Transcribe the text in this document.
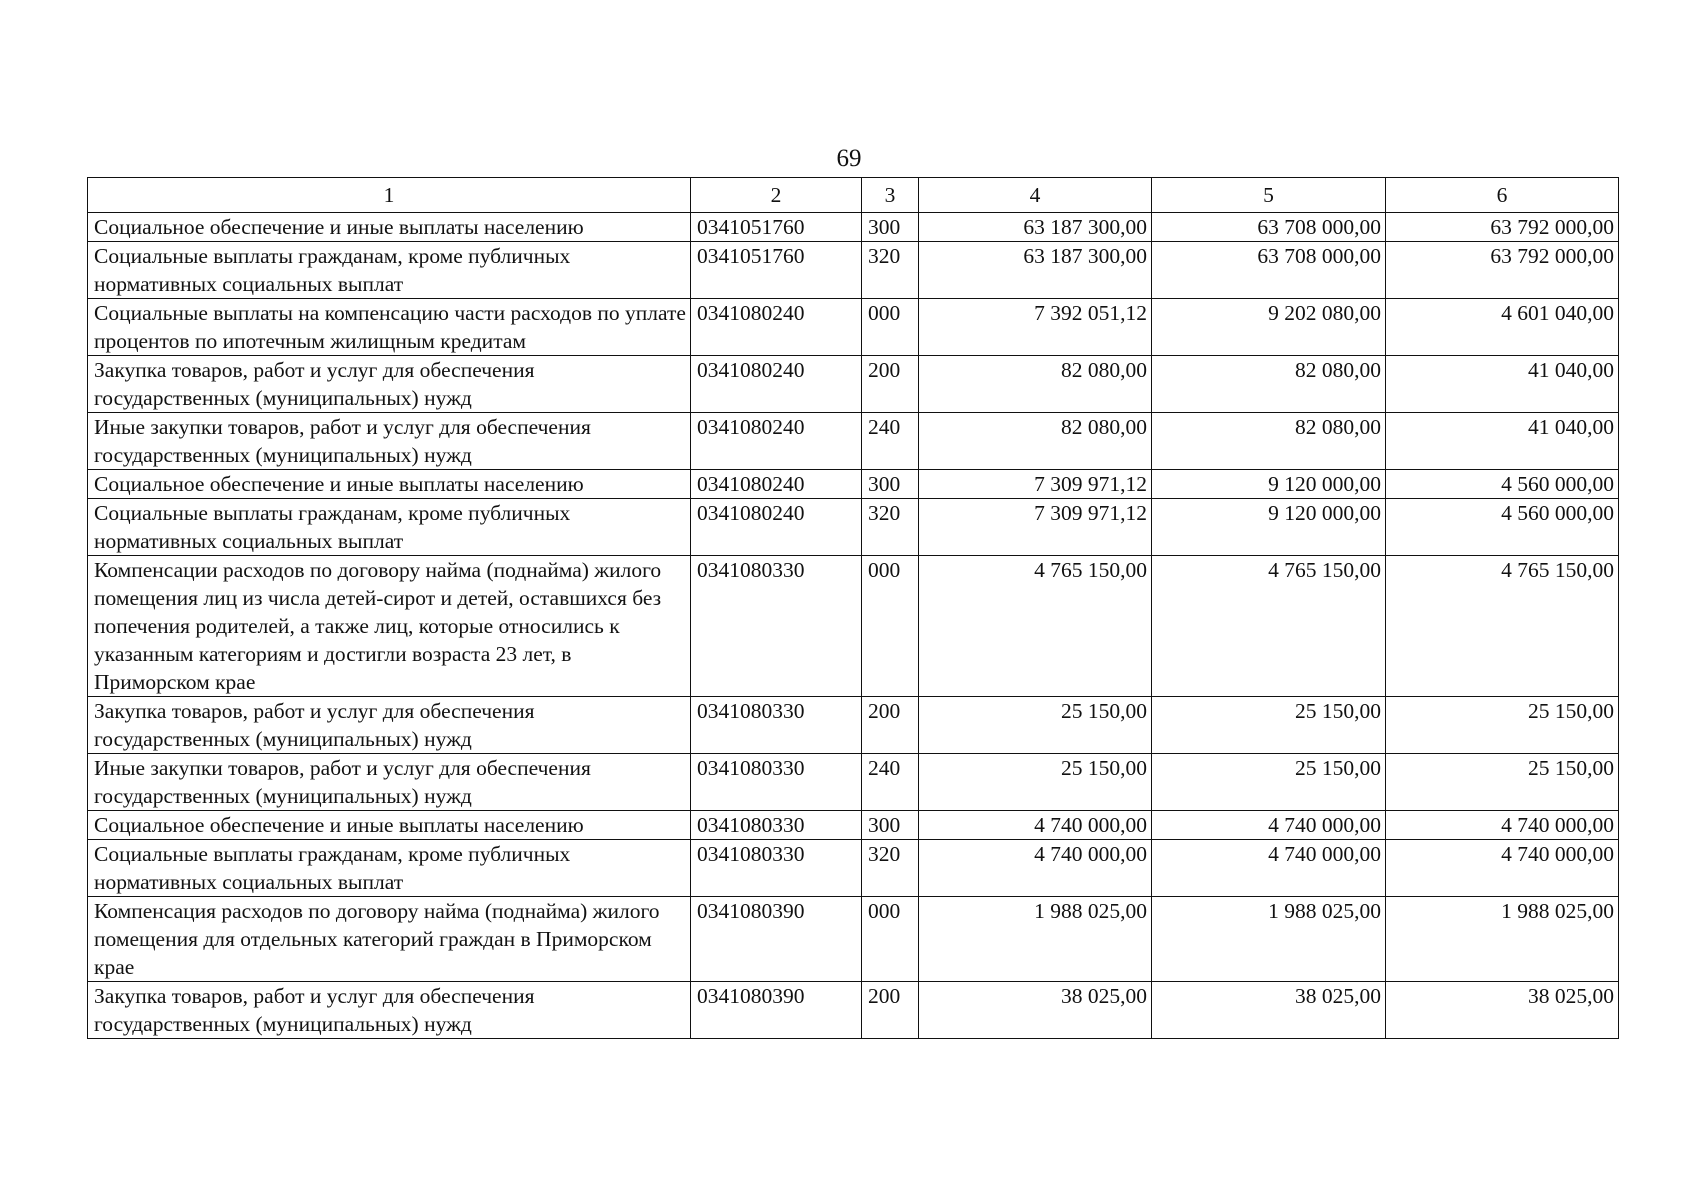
69
1	2	3	4	5	6
Социальное обеспечение и иные выплаты населению	0341051760	300	63 187 300,00	63 708 000,00	63 792 000,00
Социальные выплаты гражданам, кроме публичных нормативных социальных выплат	0341051760	320	63 187 300,00	63 708 000,00	63 792 000,00
Социальные выплаты на компенсацию части расходов по уплате процентов по ипотечным жилищным кредитам	0341080240	000	7 392 051,12	9 202 080,00	4 601 040,00
Закупка товаров, работ и услуг для обеспечения государственных (муниципальных) нужд	0341080240	200	82 080,00	82 080,00	41 040,00
Иные закупки товаров, работ и услуг для обеспечения государственных (муниципальных) нужд	0341080240	240	82 080,00	82 080,00	41 040,00
Социальное обеспечение и иные выплаты населению	0341080240	300	7 309 971,12	9 120 000,00	4 560 000,00
Социальные выплаты гражданам, кроме публичных нормативных социальных выплат	0341080240	320	7 309 971,12	9 120 000,00	4 560 000,00
Компенсации расходов по договору найма (поднайма) жилого помещения лиц из числа детей-сирот и детей, оставшихся без попечения родителей, а также лиц, которые относились к указанным категориям и достигли возраста 23 лет, в Приморском крае	0341080330	000	4 765 150,00	4 765 150,00	4 765 150,00
Закупка товаров, работ и услуг для обеспечения государственных (муниципальных) нужд	0341080330	200	25 150,00	25 150,00	25 150,00
Иные закупки товаров, работ и услуг для обеспечения государственных (муниципальных) нужд	0341080330	240	25 150,00	25 150,00	25 150,00
Социальное обеспечение и иные выплаты населению	0341080330	300	4 740 000,00	4 740 000,00	4 740 000,00
Социальные выплаты гражданам, кроме публичных нормативных социальных выплат	0341080330	320	4 740 000,00	4 740 000,00	4 740 000,00
Компенсация расходов по договору найма (поднайма) жилого помещения для отдельных категорий граждан в Приморском крае	0341080390	000	1 988 025,00	1 988 025,00	1 988 025,00
Закупка товаров, работ и услуг для обеспечения государственных (муниципальных) нужд	0341080390	200	38 025,00	38 025,00	38 025,00
